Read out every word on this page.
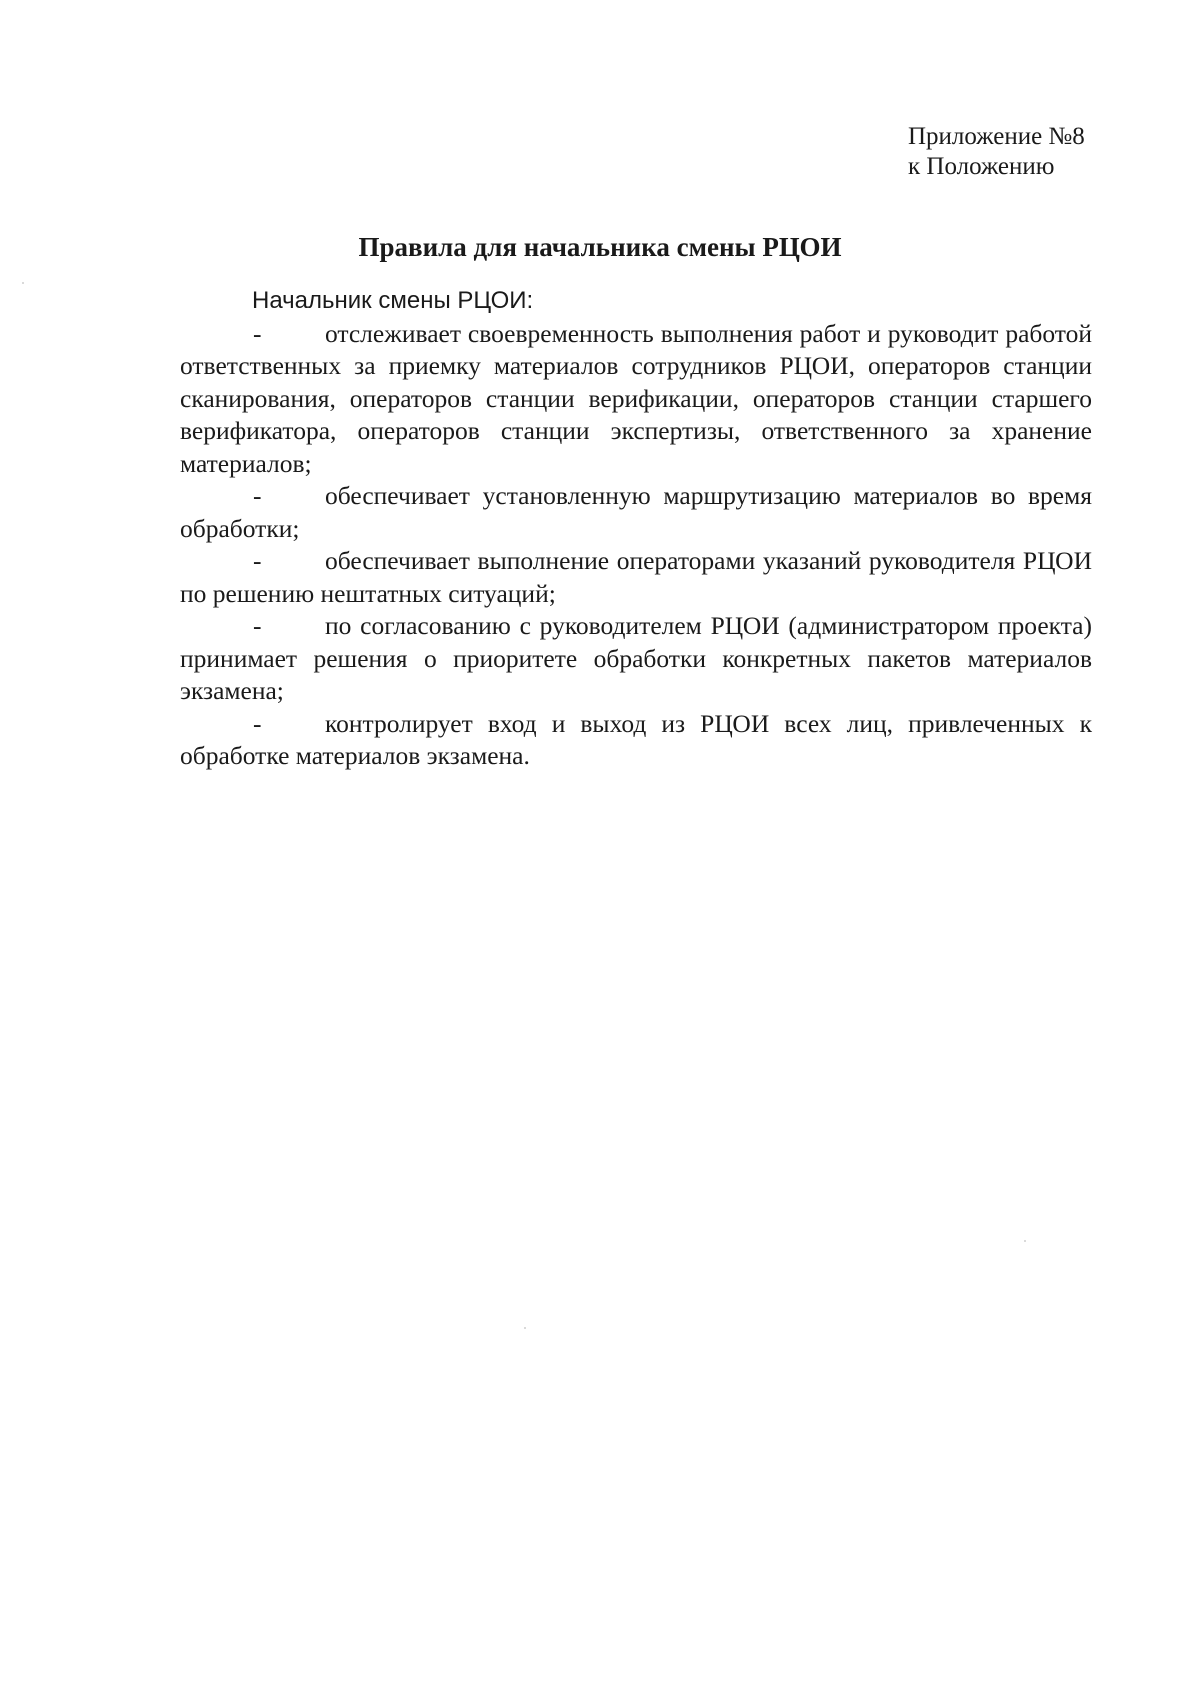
Приложение №8
к Положению
Правила для начальника смены РЦОИ

Начальник смены РЦОИ:

- отслеживает своевременность выполнения работ и руководит работой ответственных за приемку материалов сотрудников РЦОИ, операторов станции сканирования, операторов станции верификации, операторов станции старшего верификатора, операторов станции экспертизы, ответственного за хранение материалов;

- обеспечивает установленную маршрутизацию материалов во время обработки;

- обеспечивает выполнение операторами указаний руководителя РЦОИ по решению нештатных ситуаций;

- по согласованию с руководителем РЦОИ (администратором проекта) принимает решения о приоритете обработки конкретных пакетов материалов экзамена;

- контролирует вход и выход из РЦОИ всех лиц, привлеченных к обработке материалов экзамена.
